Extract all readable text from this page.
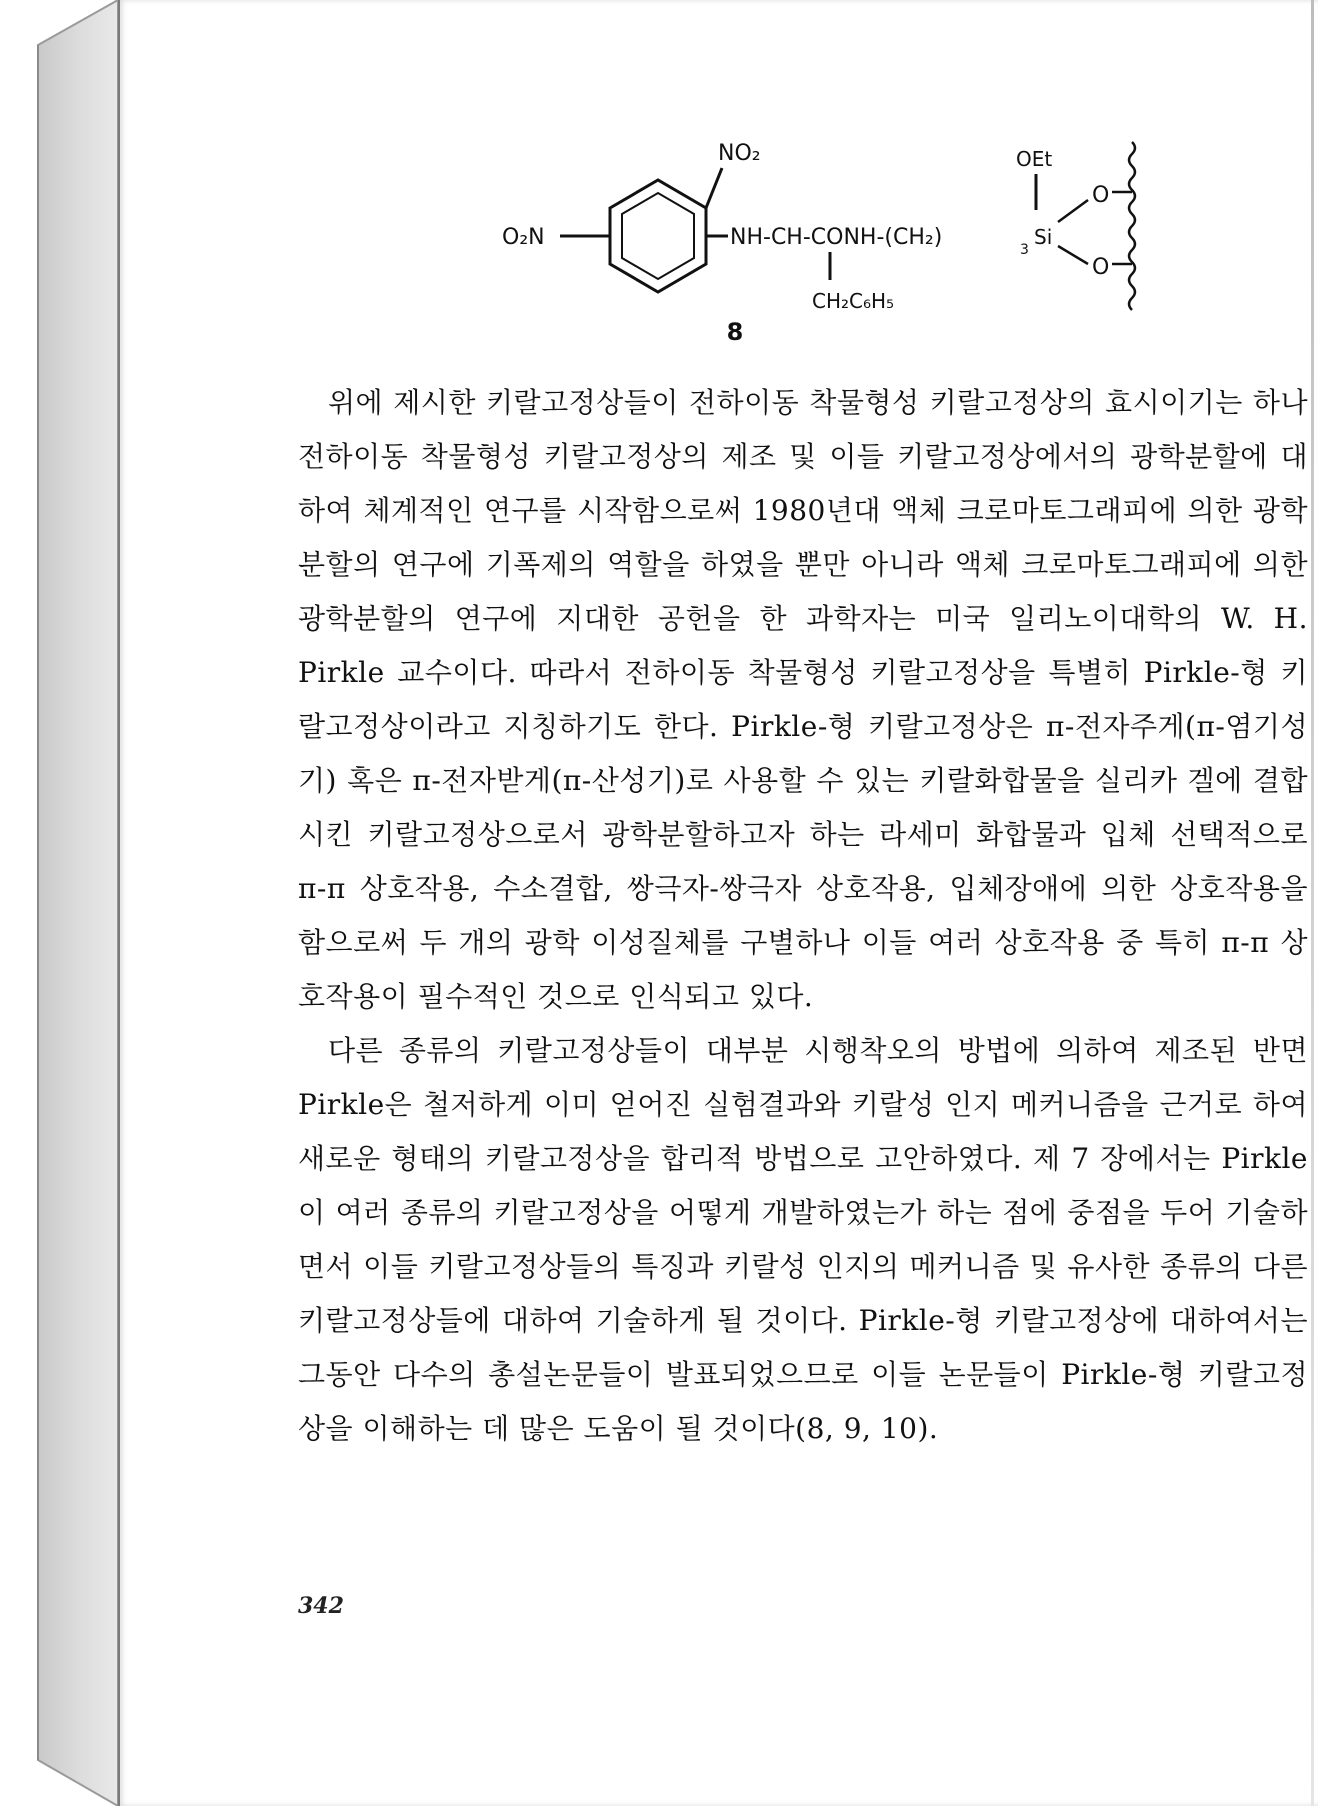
NO₂
O₂N	NH-CH-CONH-(CH₂)	3
Si
OEt
O
O
CH₂C₆H₅
8

위에 제시한 키랄고정상들이 전하이동 착물형성 키랄고정상의 효시이기는 하나 전하이동 착물형성 키랄고정상의 제조 및 이들 키랄고정상에서의 광학분할에 대하여 체계적인 연구를 시작함으로써 1980년대 액체 크로마토그래피에 의한 광학분할의 연구에 기폭제의 역할을 하였을 뿐만 아니라 액체 크로마토그래피에 의한 광학분할의 연구에 지대한 공헌을 한 과학자는 미국 일리노이대학의 W. H. Pirkle 교수이다. 따라서 전하이동 착물형성 키랄고정상을 특별히 Pirkle-형 키랄고정상이라고 지칭하기도 한다. Pirkle-형 키랄고정상은 π-전자주게(π-염기성기) 혹은 π-전자받게(π-산성기)로 사용할 수 있는 키랄화합물을 실리카 겔에 결합시킨 키랄고정상으로서 광학분할하고자 하는 라세미 화합물과 입체 선택적으로 π-π 상호작용, 수소결합, 쌍극자-쌍극자 상호작용, 입체장애에 의한 상호작용을 함으로써 두 개의 광학 이성질체를 구별하나 이들 여러 상호작용 중 특히 π-π 상호작용이 필수적인 것으로 인식되고 있다.

다른 종류의 키랄고정상들이 대부분 시행착오의 방법에 의하여 제조된 반면 Pirkle은 철저하게 이미 얻어진 실험결과와 키랄성 인지 메커니즘을 근거로 하여 새로운 형태의 키랄고정상을 합리적 방법으로 고안하였다. 제 7 장에서는 Pirkle이 여러 종류의 키랄고정상을 어떻게 개발하였는가 하는 점에 중점을 두어 기술하면서 이들 키랄고정상들의 특징과 키랄성 인지의 메커니즘 및 유사한 종류의 다른 키랄고정상들에 대하여 기술하게 될 것이다. Pirkle-형 키랄고정상에 대하여서는 그동안 다수의 총설논문들이 발표되었으므로 이들 논문들이 Pirkle-형 키랄고정상을 이해하는 데 많은 도움이 될 것이다(8, 9, 10).

342
